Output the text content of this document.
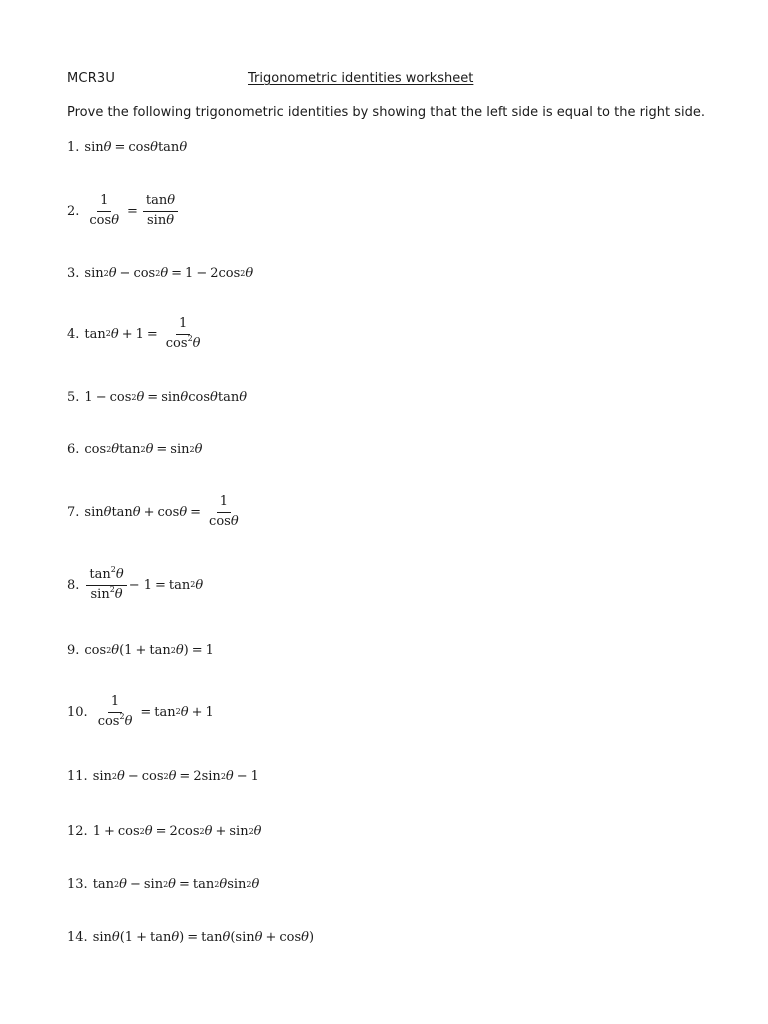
MCR3U	Trigonometric identities worksheet
Prove the following trigonometric identities by showing that the left side is equal to the right side.
1. sin θ = cos θ tan θ
2. $\frac{1}{\cos\theta} = \frac{\tan\theta}{\sin\theta}$
3. sin 2 θ − cos 2 θ = 1 − 2cos 2 θ
4. tan 2 $\theta + 1 = \frac{1}{\cos^2\theta}$
5. 1 − cos 2 θ = sin θ cos θ tan θ
6. cos 2 θ tan 2 θ = sin 2 θ
7. sin θ $\tan \theta + \cos \theta = \frac{1}{\cos\theta}$
8. $\frac{\tan^2\theta}{\sin^2\theta} - 1 = \tan 2$ θ
9. cos 2 θ (1 + tan 2 θ ) = 1
10. $\frac{1}{\cos^2\theta} = \tan 2$ θ + 1
11. sin 2 θ − cos 2 θ = 2sin 2 θ − 1
12. 1 + cos 2 θ = 2cos 2 θ + sin 2 θ
13. tan 2 θ − sin 2 θ = tan 2 θ sin 2 θ
14. sin θ (1 + tan θ ) = tan θ (sin θ + cos θ )
